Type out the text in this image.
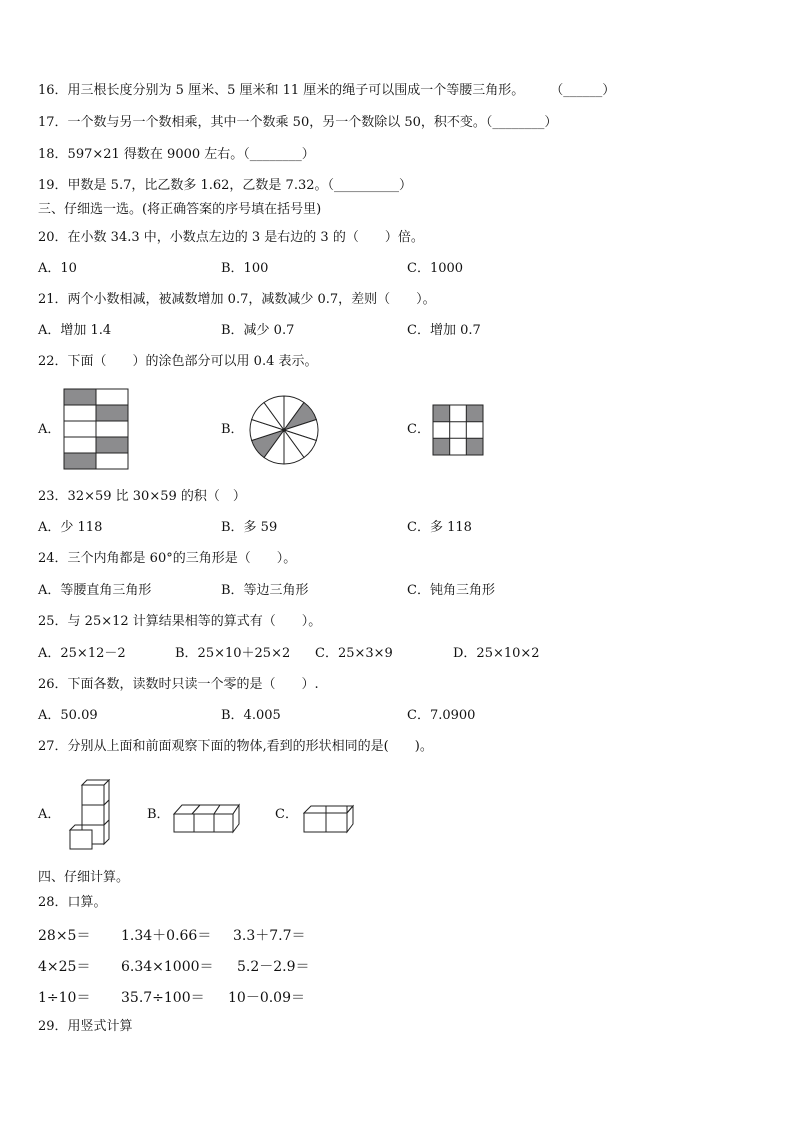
16．用三根长度分别为 5 厘米、5 厘米和 11 厘米的绳子可以围成一个等腰三角形。　　　（______）
17．一个数与另一个数相乘，其中一个数乘 50，另一个数除以 50，积不变。（________）
18．597×21 得数在 9000 左右。（________）
19．甲数是 5.7，比乙数多 1.62，乙数是 7.32。（__________）
三、仔细选一选。(将正确答案的序号填在括号里)
20．在小数 34.3 中，小数点左边的 3 是右边的 3 的（　　）倍。
A．10	B．100	C．1000
21．两个小数相减，被减数增加 0.7，减数减少 0.7，差则（　　）。
A．增加 1.4	B．减少 0.7	C．增加 0.7
22．下面（　　）的涂色部分可以用 0.4 表示。
A．	B．	C．
23．32×59 比 30×59 的积（　）
A．少 118	B．多 59	C．多 118
24．三个内角都是 60°的三角形是（　　）。
A．等腰直角三角形	B．等边三角形	C．钝角三角形
25．与 25×12 计算结果相等的算式有（　　）。
A．25×12－2	B．25×10＋25×2 C．25×3×9	D．25×10×2
26．下面各数，读数时只读一个零的是（　　）.
A．50.09	B．4.005	C．7.0900
27．分别从上面和前面观察下面的物体,看到的形状相同的是(　　)。
A．	B．	C．
四、仔细计算。
28．口算。
28×5＝ 1.34＋0.66＝ 3.3＋7.7＝
4×25＝ 6.34×1000＝ 5.2－2.9＝
1÷10＝ 35.7÷100＝ 10－0.09＝
29．用竖式计算
